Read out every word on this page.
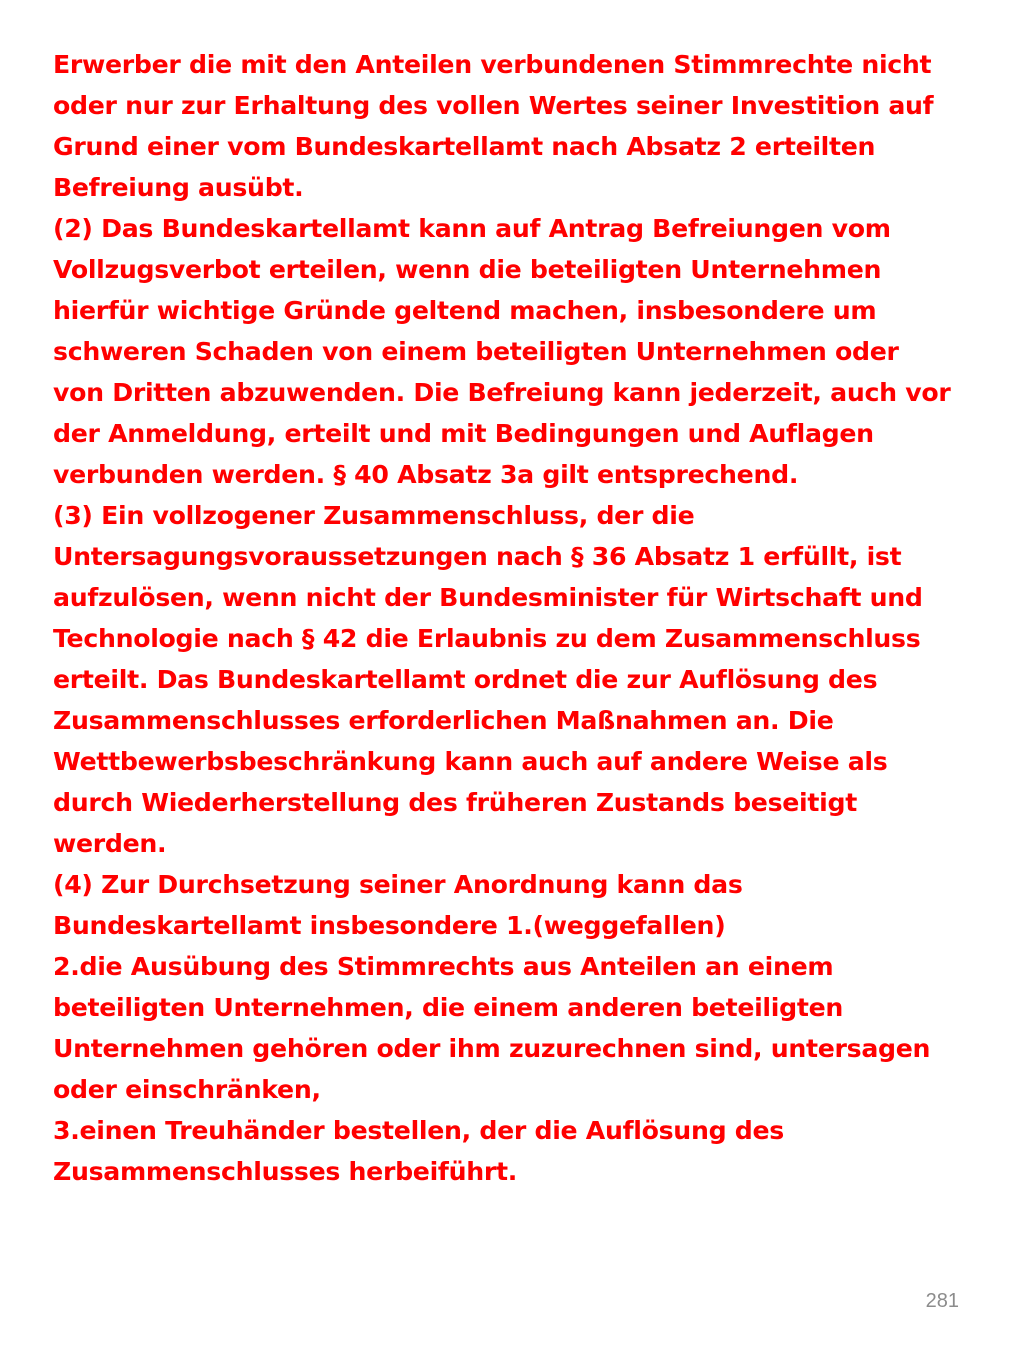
Erwerber die mit den Anteilen verbundenen Stimmrechte nicht
oder nur zur Erhaltung des vollen Wertes seiner Investition auf
Grund einer vom Bundeskartellamt nach Absatz 2 erteilten
Befreiung ausübt.
(2) Das Bundeskartellamt kann auf Antrag Befreiungen vom
Vollzugsverbot erteilen, wenn die beteiligten Unternehmen
hierfür wichtige Gründe geltend machen, insbesondere um
schweren Schaden von einem beteiligten Unternehmen oder
von Dritten abzuwenden. Die Befreiung kann jederzeit, auch vor
der Anmeldung, erteilt und mit Bedingungen und Auflagen
verbunden werden. § 40 Absatz 3a gilt entsprechend.
(3) Ein vollzogener Zusammenschluss, der die
Untersagungsvoraussetzungen nach § 36 Absatz 1 erfüllt, ist
aufzulösen, wenn nicht der Bundesminister für Wirtschaft und
Technologie nach § 42 die Erlaubnis zu dem Zusammenschluss
erteilt. Das Bundeskartellamt ordnet die zur Auflösung des
Zusammenschlusses erforderlichen Maßnahmen an. Die
Wettbewerbsbeschränkung kann auch auf andere Weise als
durch Wiederherstellung des früheren Zustands beseitigt
werden.
(4) Zur Durchsetzung seiner Anordnung kann das
Bundeskartellamt insbesondere 1.(weggefallen)
2.die Ausübung des Stimmrechts aus Anteilen an einem
beteiligten Unternehmen, die einem anderen beteiligten
Unternehmen gehören oder ihm zuzurechnen sind, untersagen
oder einschränken,
3.einen Treuhänder bestellen, der die Auflösung des
Zusammenschlusses herbeiführt.
281
